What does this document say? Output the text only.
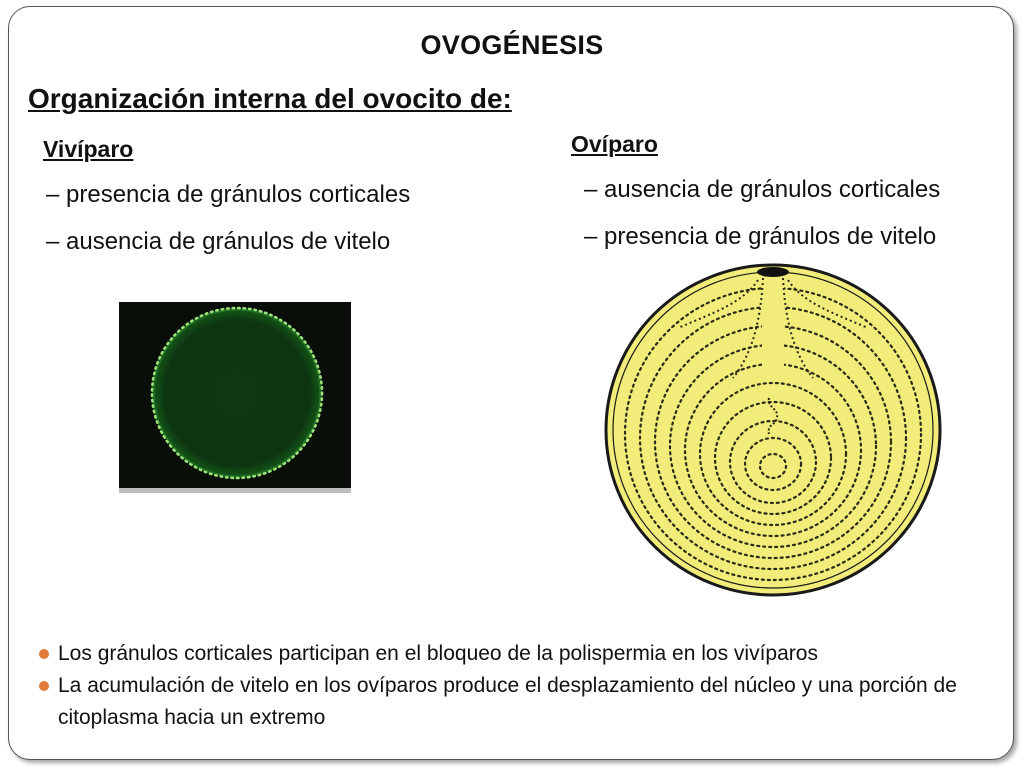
OVOGÉNESIS
Organización interna del ovocito de:
Vivíparo
– presencia de gránulos corticales
– ausencia de gránulos de vitelo
Ovíparo
– ausencia de gránulos corticales
– presencia de gránulos de vitelo
Los gránulos corticales participan en el bloqueo de la polispermia en los vivíparos
La acumulación de vitelo en los ovíparos produce el desplazamiento del núcleo y una porción de citoplasma hacia un extremo
